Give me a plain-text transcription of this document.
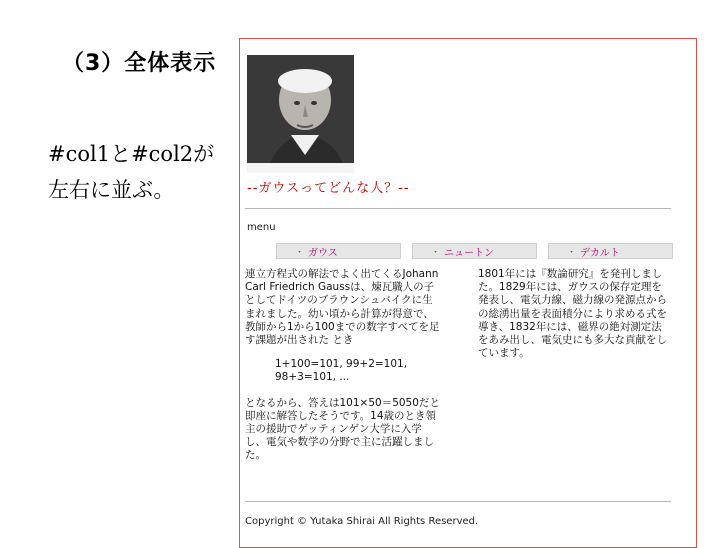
（3）全体表示
#col1と#col2が
左右に並ぶ。	--ガウスってどんな人？--
menu
・ ガウス	・ ニュートン	・ デカルト

連立方程式の解法でよく出てくるJohann Carl Friedrich Gaussは、煉瓦職人の子としてドイツのブラウンシュバイクに生まれました。幼い頃から計算が得意で、教師から1から100までの数字すべてを足す課題が出された とき

1+100=101, 99+2=101,
98+3=101, ...

となるから、答えは101×50＝5050だと即座に解答したそうです。14歳のとき領主の援助でゲッティンゲン大学に入学し、電気や数学の分野で主に活躍しました。

1801年には『数論研究』を発刊しました。1829年には、ガウスの保存定理を発表し、電気力線、磁力線の発源点からの総湧出量を表面積分により求める式を導き、1832年には、磁界の絶対測定法をあみ出し、電気史にも多大な貢献をしています。

Copyright © Yutaka Shirai All Rights Reserved.
